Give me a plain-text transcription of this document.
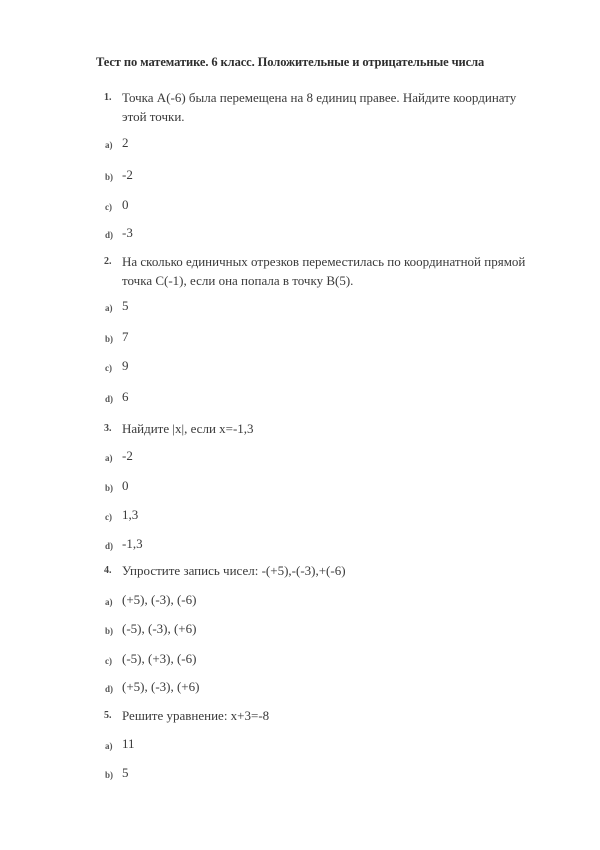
Тест по математике. 6 класс. Положительные и отрицательные числа
1. Точка A(-6) была перемещена на 8 единиц правее. Найдите координату этой точки.
a) 2
b) -2
c) 0
d) -3
2. На сколько единичных отрезков переместилась по координатной прямой точка C(-1), если она попала в точку B(5).
a) 5
b) 7
c) 9
d) 6
3. Найдите |x|, если x=-1,3
a) -2
b) 0
c) 1,3
d) -1,3
4. Упростите запись чисел: -(+5),-(-3),+(-6)
a) (+5), (-3), (-6)
b) (-5), (-3), (+6)
c) (-5), (+3), (-6)
d) (+5), (-3), (+6)
5. Решите уравнение: x+3=-8
a) 11
b) 5
